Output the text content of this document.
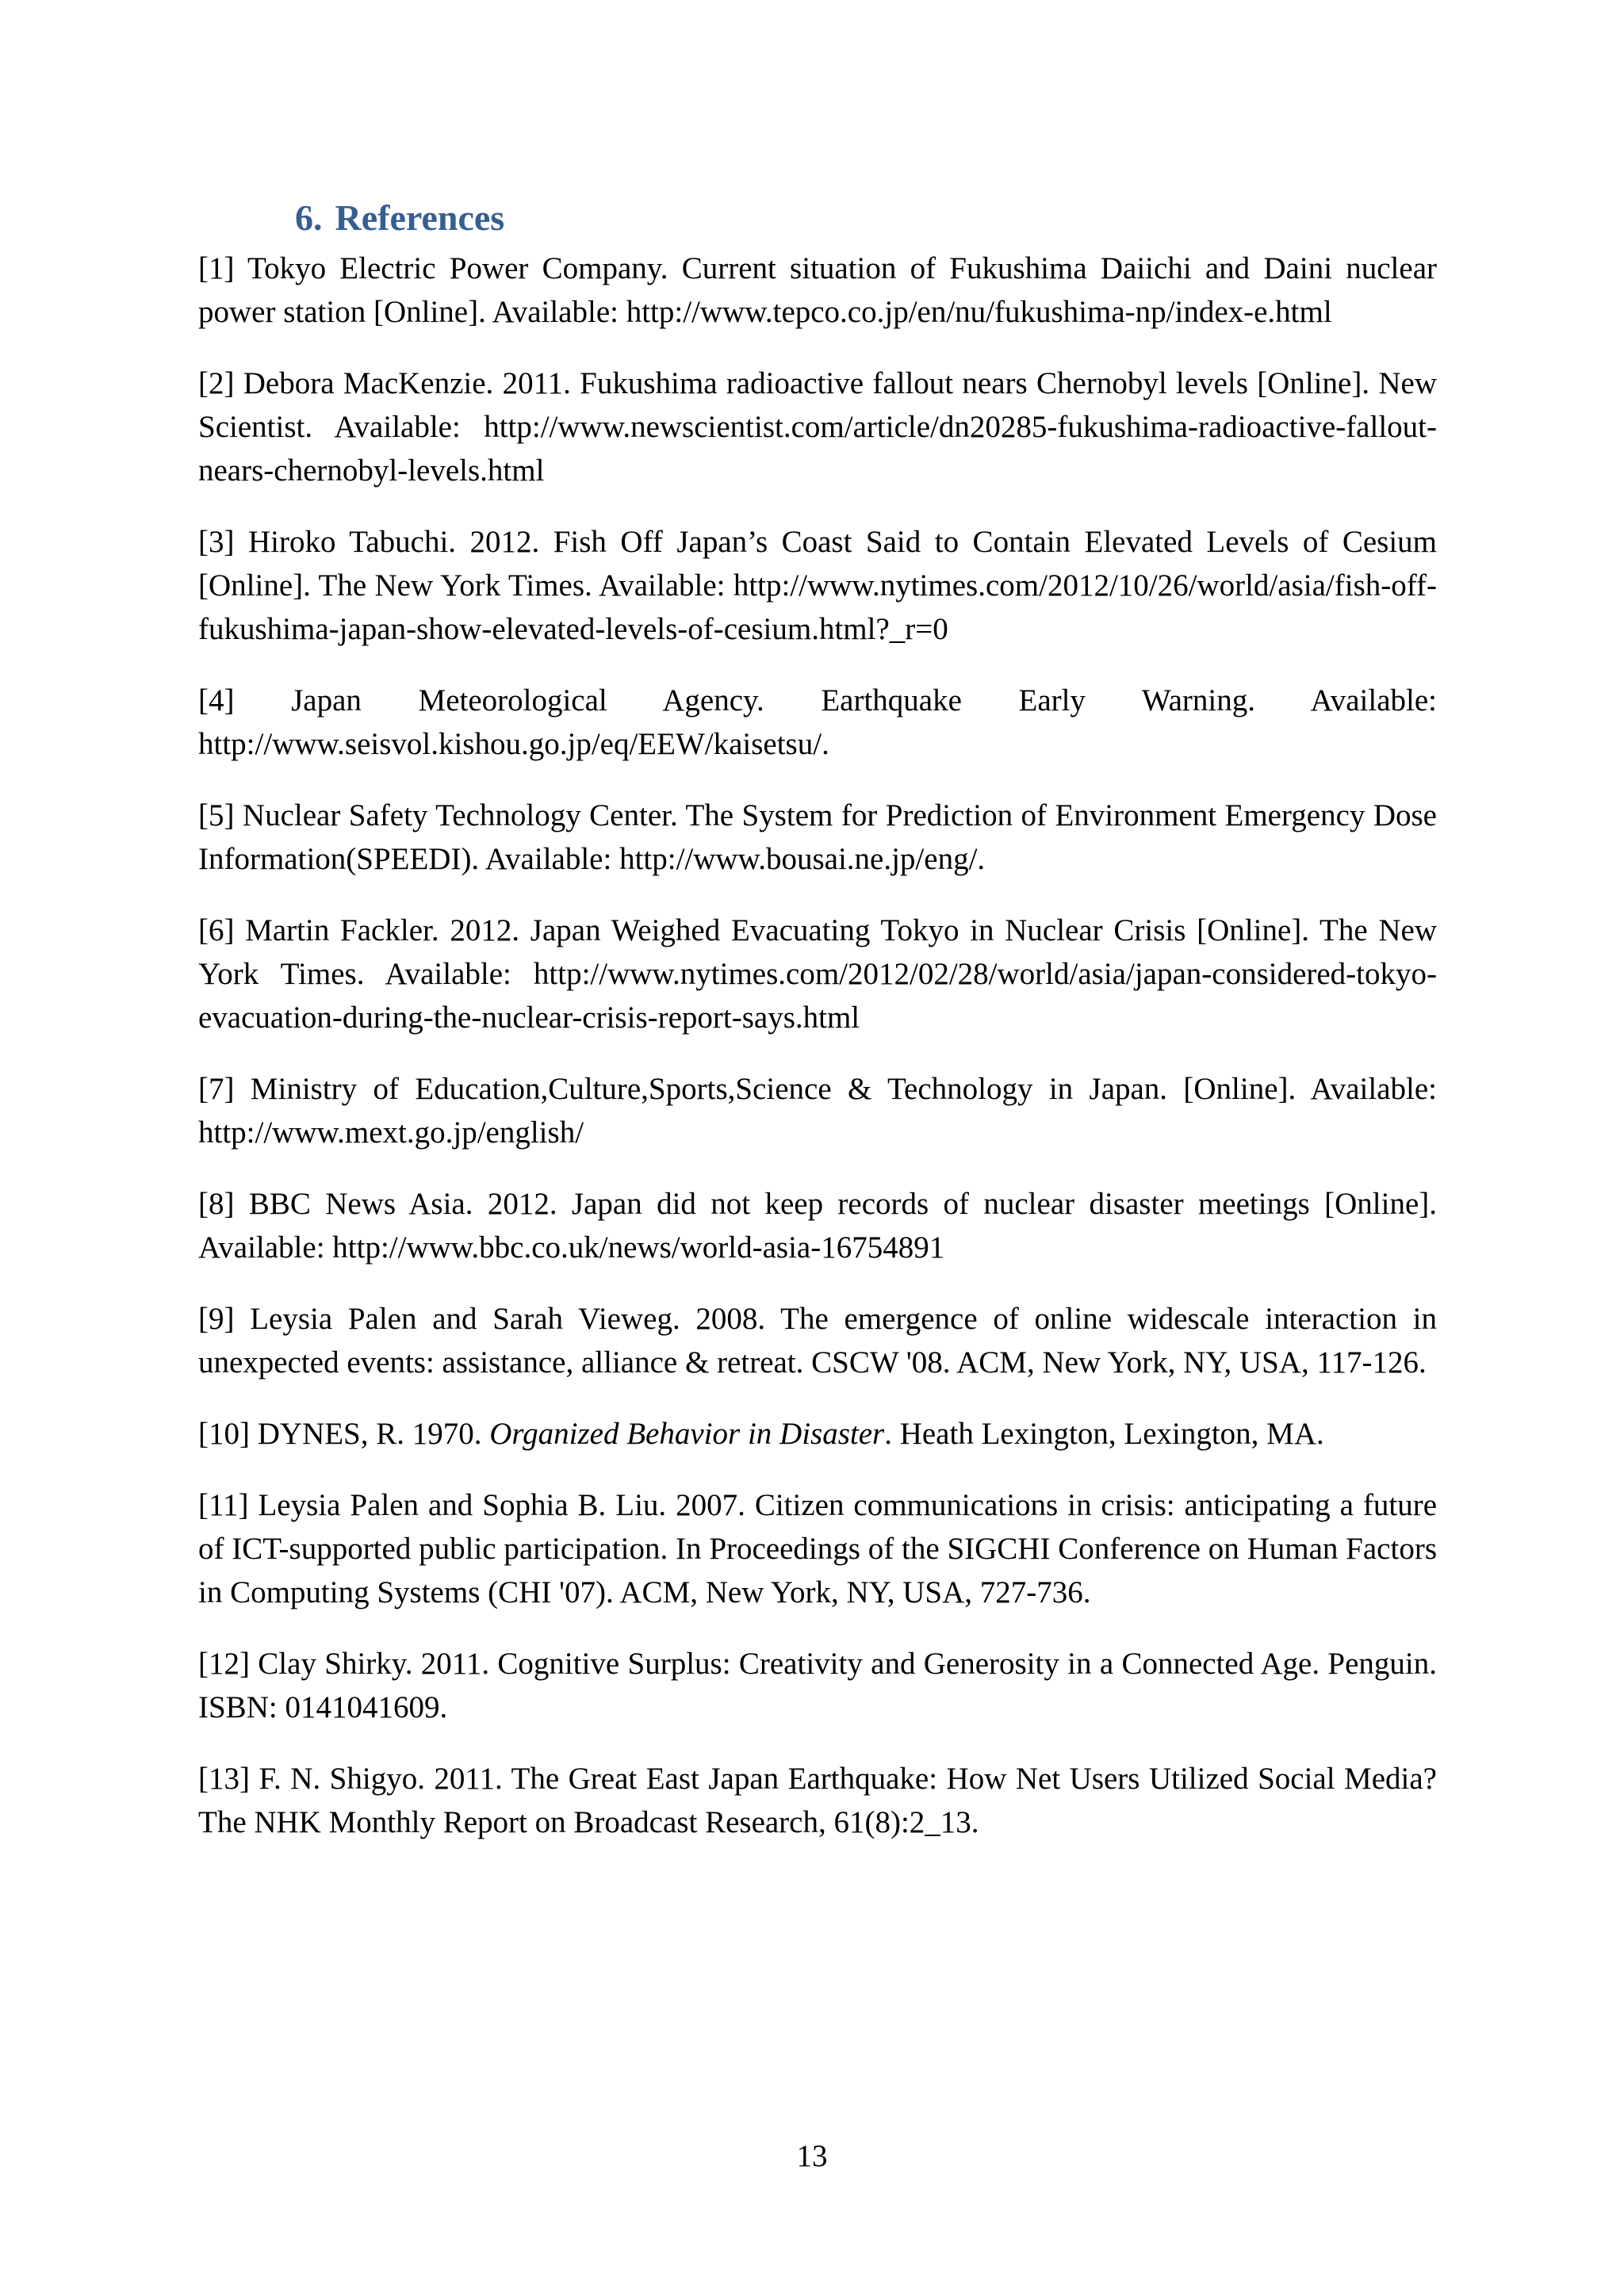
6. References
[1] Tokyo Electric Power Company. Current situation of Fukushima Daiichi and Daini nuclear power station [Online]. Available: http://www.tepco.co.jp/en/nu/fukushima-np/index-e.html
[2] Debora MacKenzie. 2011. Fukushima radioactive fallout nears Chernobyl levels [Online]. New Scientist. Available: http://www.newscientist.com/article/dn20285-fukushima-radioactive-fallout-nears-chernobyl-levels.html
[3] Hiroko Tabuchi. 2012. Fish Off Japan’s Coast Said to Contain Elevated Levels of Cesium [Online]. The New York Times. Available: http://www.nytimes.com/2012/10/26/world/asia/fish-off-fukushima-japan-show-elevated-levels-of-cesium.html?_r=0
[4] Japan Meteorological Agency. Earthquake Early Warning. Available: http://www.seisvol.kishou.go.jp/eq/EEW/kaisetsu/.
[5] Nuclear Safety Technology Center. The System for Prediction of Environment Emergency Dose Information(SPEEDI). Available: http://www.bousai.ne.jp/eng/.
[6] Martin Fackler. 2012. Japan Weighed Evacuating Tokyo in Nuclear Crisis [Online]. The New York Times. Available: http://www.nytimes.com/2012/02/28/world/asia/japan-considered-tokyo-evacuation-during-the-nuclear-crisis-report-says.html
[7] Ministry of Education,Culture,Sports,Science & Technology in Japan. [Online]. Available: http://www.mext.go.jp/english/
[8] BBC News Asia. 2012. Japan did not keep records of nuclear disaster meetings [Online]. Available: http://www.bbc.co.uk/news/world-asia-16754891
[9] Leysia Palen and Sarah Vieweg. 2008. The emergence of online widescale interaction in unexpected events: assistance, alliance & retreat. CSCW '08. ACM, New York, NY, USA, 117-126.
[10] DYNES, R. 1970. Organized Behavior in Disaster. Heath Lexington, Lexington, MA.
[11] Leysia Palen and Sophia B. Liu. 2007. Citizen communications in crisis: anticipating a future of ICT-supported public participation. In Proceedings of the SIGCHI Conference on Human Factors in Computing Systems (CHI '07). ACM, New York, NY, USA, 727-736.
[12] Clay Shirky. 2011. Cognitive Surplus: Creativity and Generosity in a Connected Age. Penguin. ISBN: 0141041609.
[13] F. N. Shigyo. 2011. The Great East Japan Earthquake: How Net Users Utilized Social Media? The NHK Monthly Report on Broadcast Research, 61(8):2_13.
13
